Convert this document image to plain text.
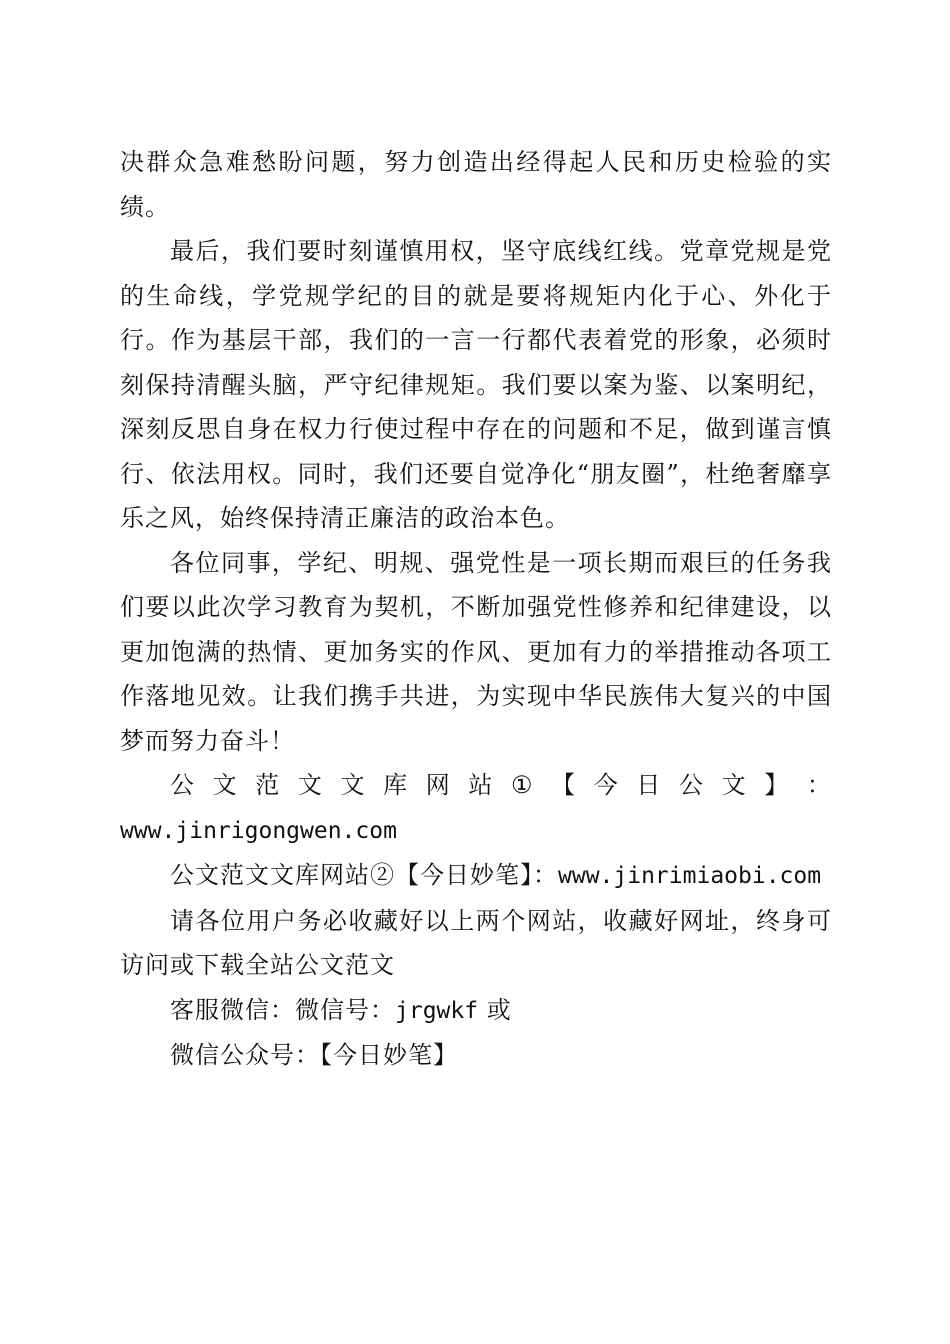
决群众急难愁盼问题，努力创造出经得起人民和历史检验的实绩。

最后，我们要时刻谨慎用权，坚守底线红线。党章党规是党的生命线，学党规学纪的目的就是要将规矩内化于心、外化于行。作为基层干部，我们的一言一行都代表着党的形象，必须时刻保持清醒头脑，严守纪律规矩。我们要以案为鉴、以案明纪，深刻反思自身在权力行使过程中存在的问题和不足，做到谨言慎行、依法用权。同时，我们还要自觉净化“朋友圈”，杜绝奢靡享乐之风，始终保持清正廉洁的政治本色。

各位同事，学纪、明规、强党性是一项长期而艰巨的任务我们要以此次学习教育为契机，不断加强党性修养和纪律建设，以更加饱满的热情、更加务实的作风、更加有力的举措推动各项工作落地见效。让我们携手共进，为实现中华民族伟大复兴的中国梦而努力奋斗！

公 文 范 文 文 库 网 站 ① 【 今 日 公 文 】 ：

www.jinrigongwen.com

公文范文文库网站②【今日妙笔】：www.jinrimiaobi.com

请各位用户务必收藏好以上两个网站，收藏好网址，终身可访问或下载全站公文范文

客服微信：微信号：jrgwkf 或

微信公众号：【今日妙笔】
